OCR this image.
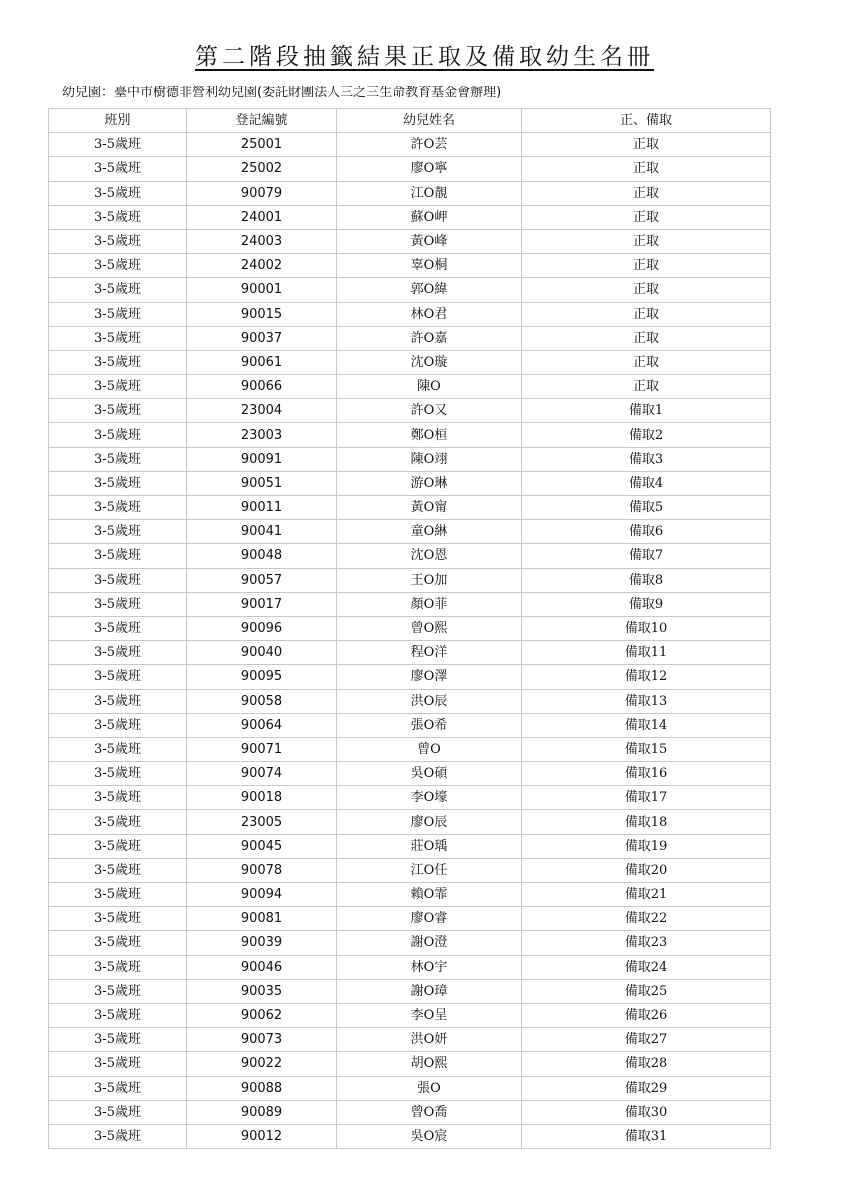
第二階段抽籤結果正取及備取幼生名冊
幼兒園：臺中市樹德非營利幼兒園(委託財團法人三之三生命教育基金會辦理)
班別	登記編號	幼兒姓名	正、備取
3-5歲班	25001	許O芸	正取
3-5歲班	25002	廖O寧	正取
3-5歲班	90079	江O靚	正取
3-5歲班	24001	蘇O岬	正取
3-5歲班	24003	黃O峰	正取
3-5歲班	24002	辜O桐	正取
3-5歲班	90001	郭O緯	正取
3-5歲班	90015	林O君	正取
3-5歲班	90037	許O嘉	正取
3-5歲班	90061	沈O璇	正取
3-5歲班	90066	陳O	正取
3-5歲班	23004	許O又	備取1
3-5歲班	23003	鄭O桓	備取2
3-5歲班	90091	陳O翊	備取3
3-5歲班	90051	游O琳	備取4
3-5歲班	90011	黃O甯	備取5
3-5歲班	90041	童O綝	備取6
3-5歲班	90048	沈O恩	備取7
3-5歲班	90057	王O加	備取8
3-5歲班	90017	顏O菲	備取9
3-5歲班	90096	曾O熙	備取10
3-5歲班	90040	程O洋	備取11
3-5歲班	90095	廖O澤	備取12
3-5歲班	90058	洪O辰	備取13
3-5歲班	90064	張O希	備取14
3-5歲班	90071	曾O	備取15
3-5歲班	90074	吳O碩	備取16
3-5歲班	90018	李O壕	備取17
3-5歲班	23005	廖O辰	備取18
3-5歲班	90045	莊O瑀	備取19
3-5歲班	90078	江O任	備取20
3-5歲班	90094	賴O霏	備取21
3-5歲班	90081	廖O睿	備取22
3-5歲班	90039	謝O澄	備取23
3-5歲班	90046	林O宇	備取24
3-5歲班	90035	謝O璋	備取25
3-5歲班	90062	李O呈	備取26
3-5歲班	90073	洪O妍	備取27
3-5歲班	90022	胡O熙	備取28
3-5歲班	90088	張O	備取29
3-5歲班	90089	曾O喬	備取30
3-5歲班	90012	吳O宸	備取31
